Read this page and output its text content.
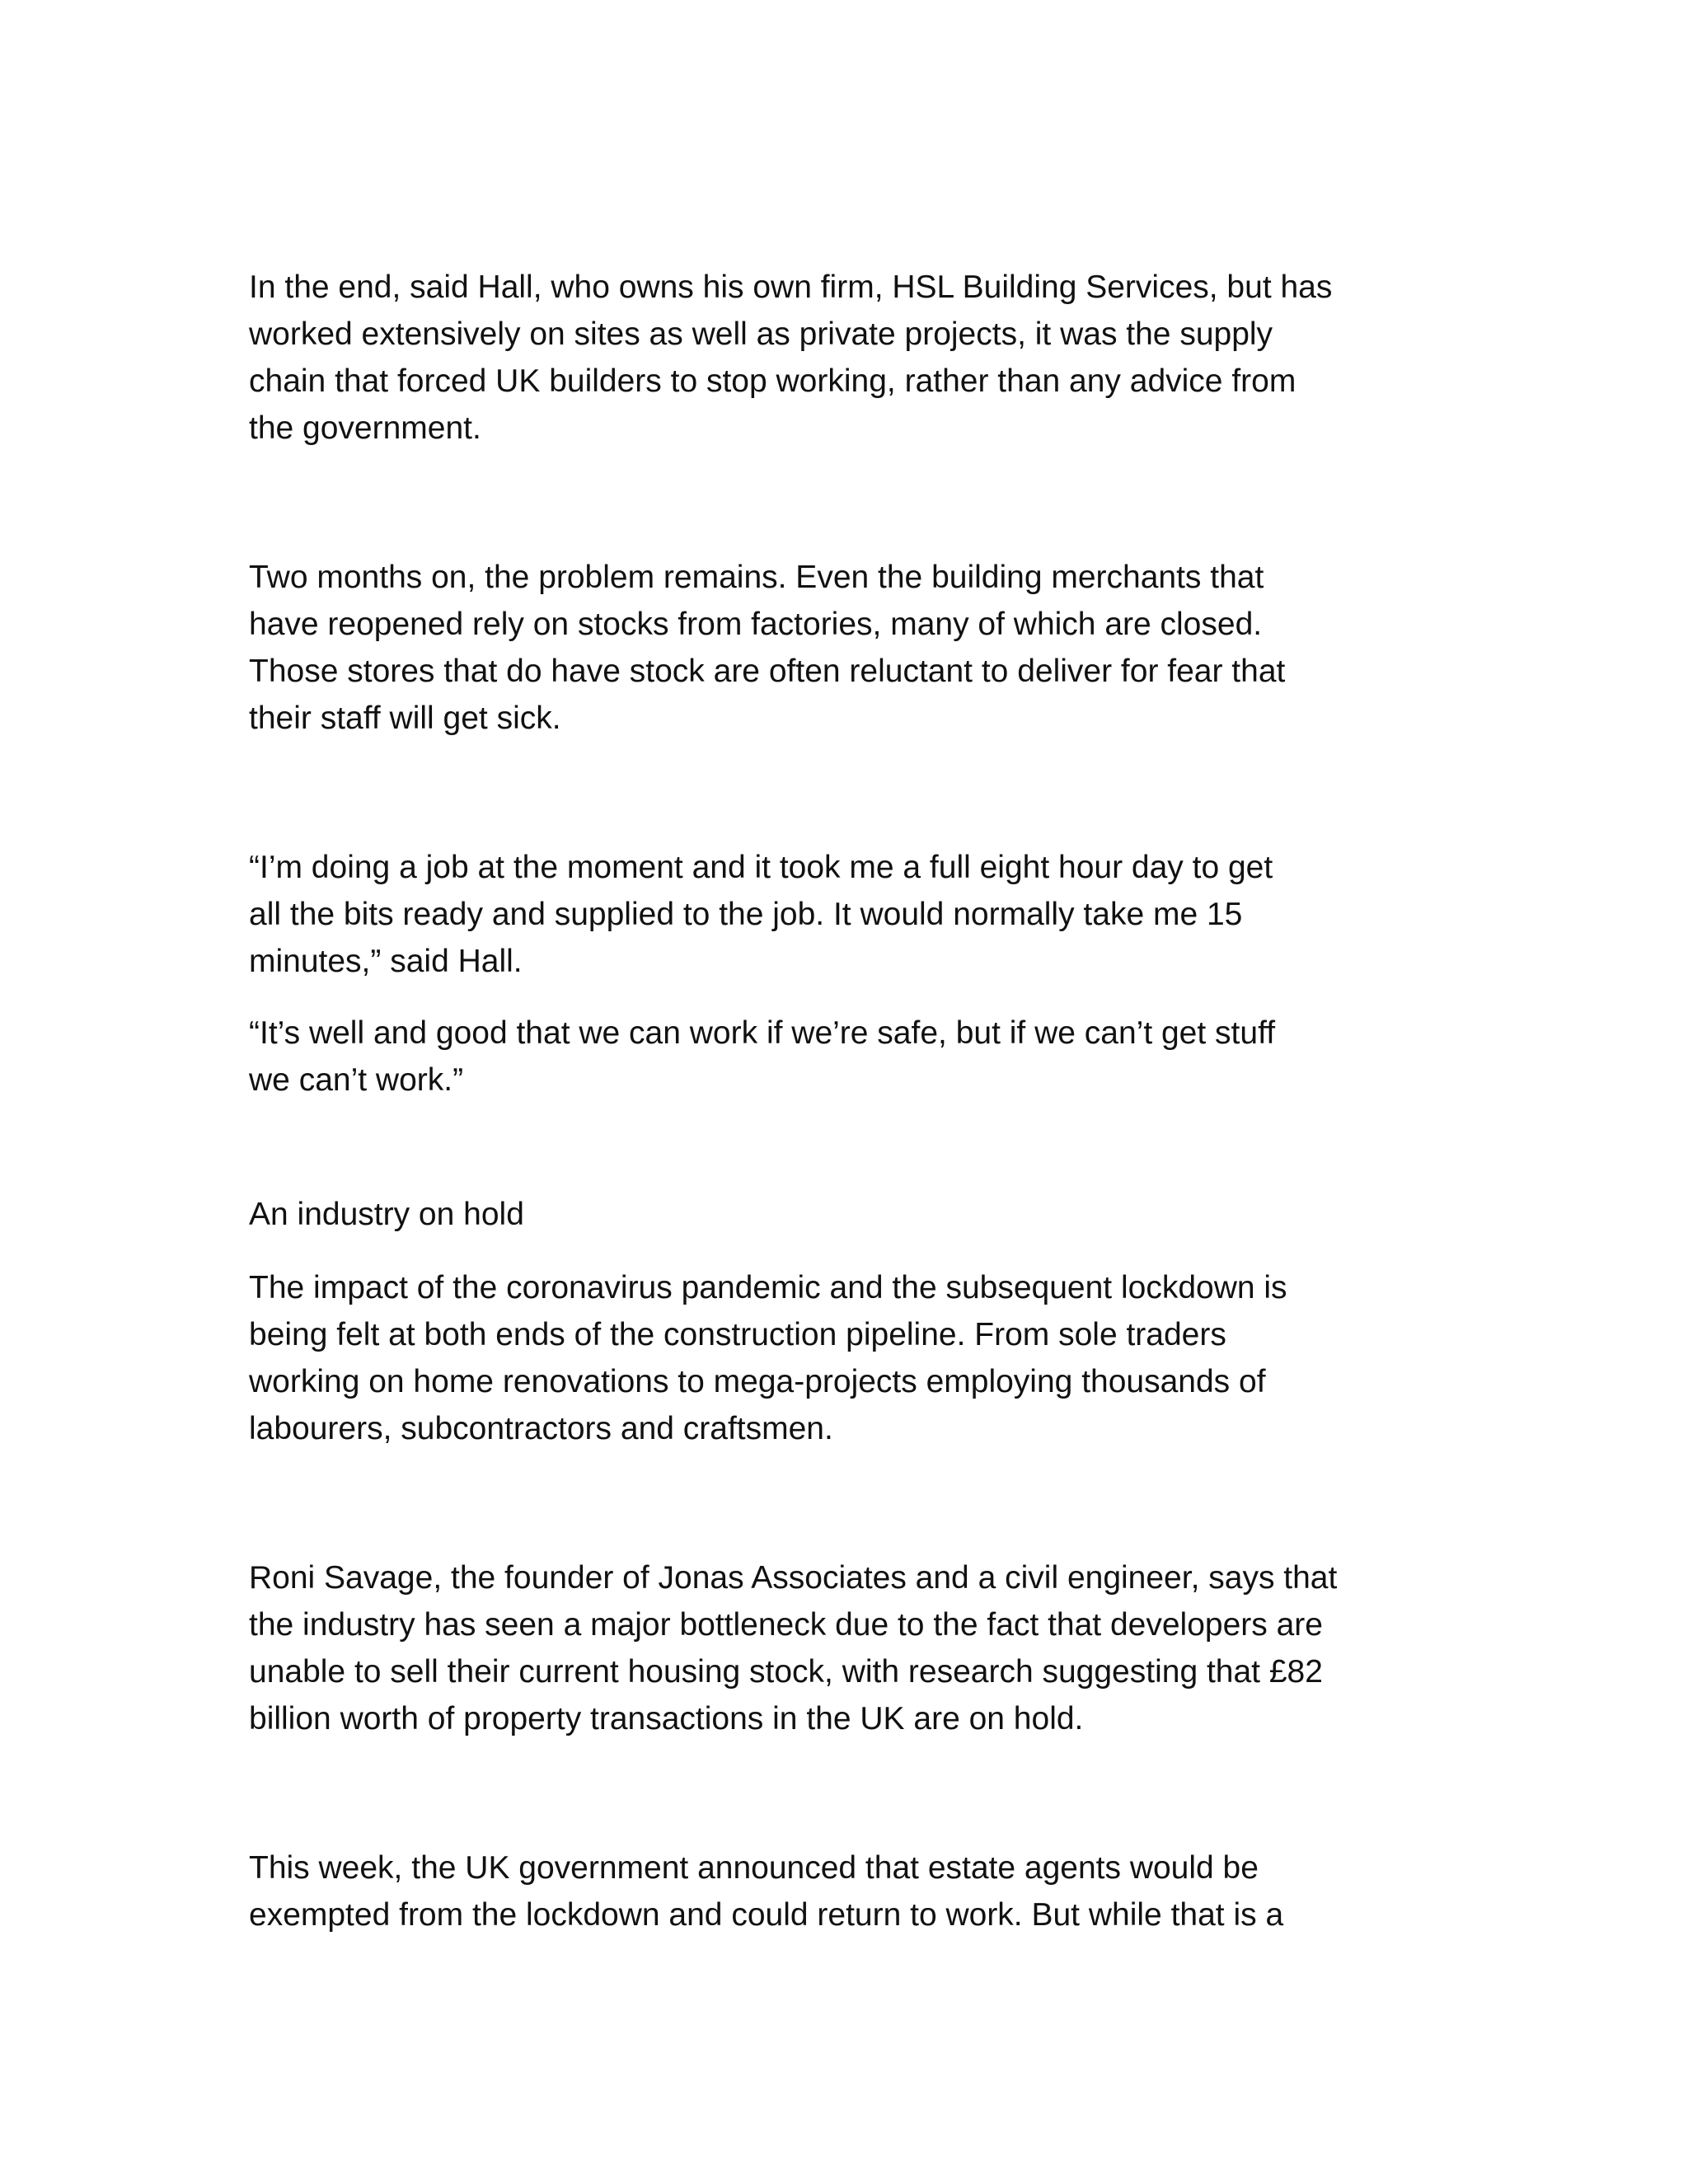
In the end, said Hall, who owns his own firm, HSL Building Services, but has
worked extensively on sites as well as private projects, it was the supply
chain that forced UK builders to stop working, rather than any advice from
the government.

Two months on, the problem remains. Even the building merchants that
have reopened rely on stocks from factories, many of which are closed.
Those stores that do have stock are often reluctant to deliver for fear that
their staff will get sick.

“I’m doing a job at the moment and it took me a full eight hour day to get
all the bits ready and supplied to the job. It would normally take me 15
minutes,” said Hall.

“It’s well and good that we can work if we’re safe, but if we can’t get stuff
we can’t work.”

An industry on hold

The impact of the coronavirus pandemic and the subsequent lockdown is
being felt at both ends of the construction pipeline. From sole traders
working on home renovations to mega-projects employing thousands of
labourers, subcontractors and craftsmen.

Roni Savage, the founder of Jonas Associates and a civil engineer, says that
the industry has seen a major bottleneck due to the fact that developers are
unable to sell their current housing stock, with research suggesting that £82
billion worth of property transactions in the UK are on hold.

This week, the UK government announced that estate agents would be
exempted from the lockdown and could return to work. But while that is a
